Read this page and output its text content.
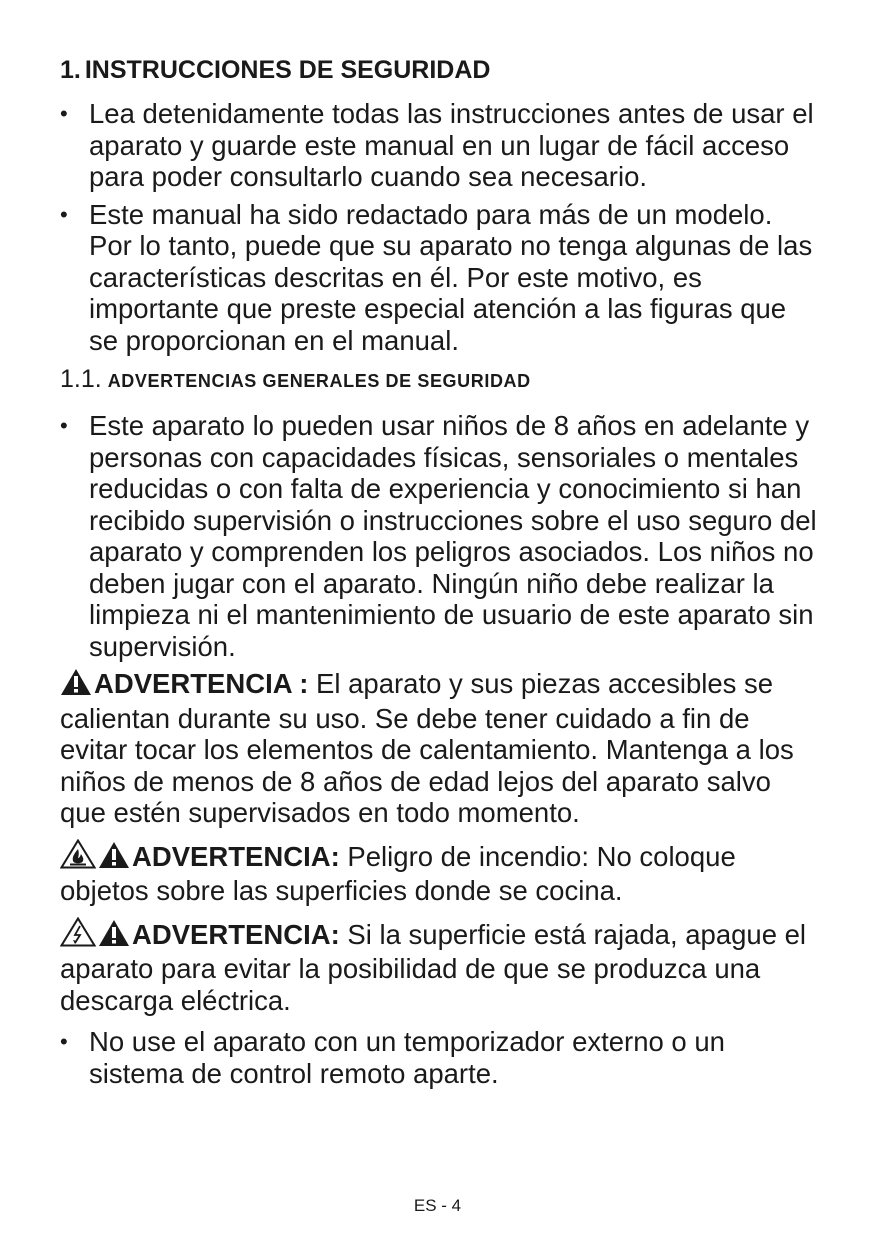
1. INSTRUCCIONES DE SEGURIDAD
• Lea detenidamente todas las instrucciones antes de usar el aparato y guarde este manual en un lugar de fácil acceso para poder consultarlo cuando sea necesario.
• Este manual ha sido redactado para más de un modelo. Por lo tanto, puede que su aparato no tenga algunas de las características descritas en él. Por este motivo, es importante que preste especial atención a las figuras que se proporcionan en el manual.
1.1. ADVERTENCIAS GENERALES DE SEGURIDAD
• Este aparato lo pueden usar niños de 8 años en adelante y personas con capacidades físicas, sensoriales o mentales reducidas o con falta de experiencia y conocimiento si han recibido supervisión o instrucciones sobre el uso seguro del aparato y comprenden los peligros asociados. Los niños no deben jugar con el aparato. Ningún niño debe realizar la limpieza ni el mantenimiento de usuario de este aparato sin supervisión.
ADVERTENCIA : El aparato y sus piezas accesibles se calientan durante su uso. Se debe tener cuidado a fin de evitar tocar los elementos de calentamiento. Mantenga a los niños de menos de 8 años de edad lejos del aparato salvo que estén supervisados en todo momento.
ADVERTENCIA: Peligro de incendio: No coloque objetos sobre las superficies donde se cocina.
ADVERTENCIA: Si la superficie está rajada, apague el aparato para evitar la posibilidad de que se produzca una descarga eléctrica.
• No use el aparato con un temporizador externo o un sistema de control remoto aparte.
ES - 4
